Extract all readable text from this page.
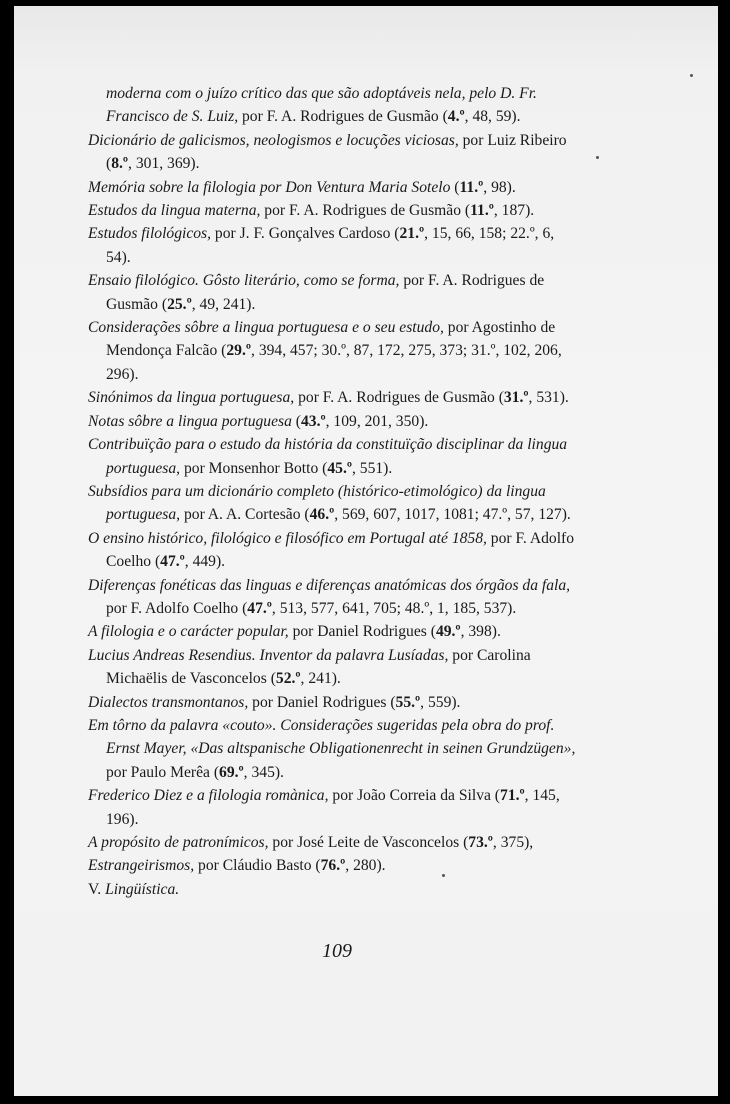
moderna com o juízo crítico das que são adoptáveis nela, pelo D. Fr. Francisco de S. Luiz, por F. A. Rodrigues de Gusmão (4.º, 48, 59).

Dicionário de galicismos, neologismos e locuções viciosas, por Luiz Ribeiro (8.º, 301, 369).

Memória sobre la filologia por Don Ventura Maria Sotelo (11.º, 98).

Estudos da lingua materna, por F. A. Rodrigues de Gusmão (11.º, 187).

Estudos filológicos, por J. F. Gonçalves Cardoso (21.º, 15, 66, 158; 22.º, 6, 54).

Ensaio filológico. Gôsto literário, como se forma, por F. A. Rodrigues de Gusmão (25.º, 49, 241).

Considerações sôbre a lingua portuguesa e o seu estudo, por Agostinho de Mendonça Falcão (29.º, 394, 457; 30.º, 87, 172, 275, 373; 31.º, 102, 206, 296).

Sinónimos da lingua portuguesa, por F. A. Rodrigues de Gusmão (31.º, 531).

Notas sôbre a lingua portuguesa (43.º, 109, 201, 350).

Contribuïção para o estudo da história da constituïção disciplinar da lingua portuguesa, por Monsenhor Botto (45.º, 551).

Subsídios para um dicionário completo (histórico-etimológico) da lingua portuguesa, por A. A. Cortesão (46.º, 569, 607, 1017, 1081; 47.º, 57, 127).

O ensino histórico, filológico e filosófico em Portugal até 1858, por F. Adolfo Coelho (47.º, 449).

Diferenças fonéticas das linguas e diferenças anatómicas dos órgãos da fala, por F. Adolfo Coelho (47.º, 513, 577, 641, 705; 48.º, 1, 185, 537).

A filologia e o carácter popular, por Daniel Rodrigues (49.º, 398).

Lucius Andreas Resendius. Inventor da palavra Lusíadas, por Carolina Michaëlis de Vasconcelos (52.º, 241).

Dialectos transmontanos, por Daniel Rodrigues (55.º, 559).

Em tôrno da palavra «couto». Considerações sugeridas pela obra do prof. Ernst Mayer, «Das altspanische Obligationenrecht in seinen Grundzügen», por Paulo Merêa (69.º, 345).

Frederico Diez e a filologia romànica, por João Correia da Silva (71.º, 145, 196).

A propósito de patronímicos, por José Leite de Vasconcelos (73.º, 375),

Estrangeirismos, por Cláudio Basto (76.º, 280).

V. Lingüística.

109
